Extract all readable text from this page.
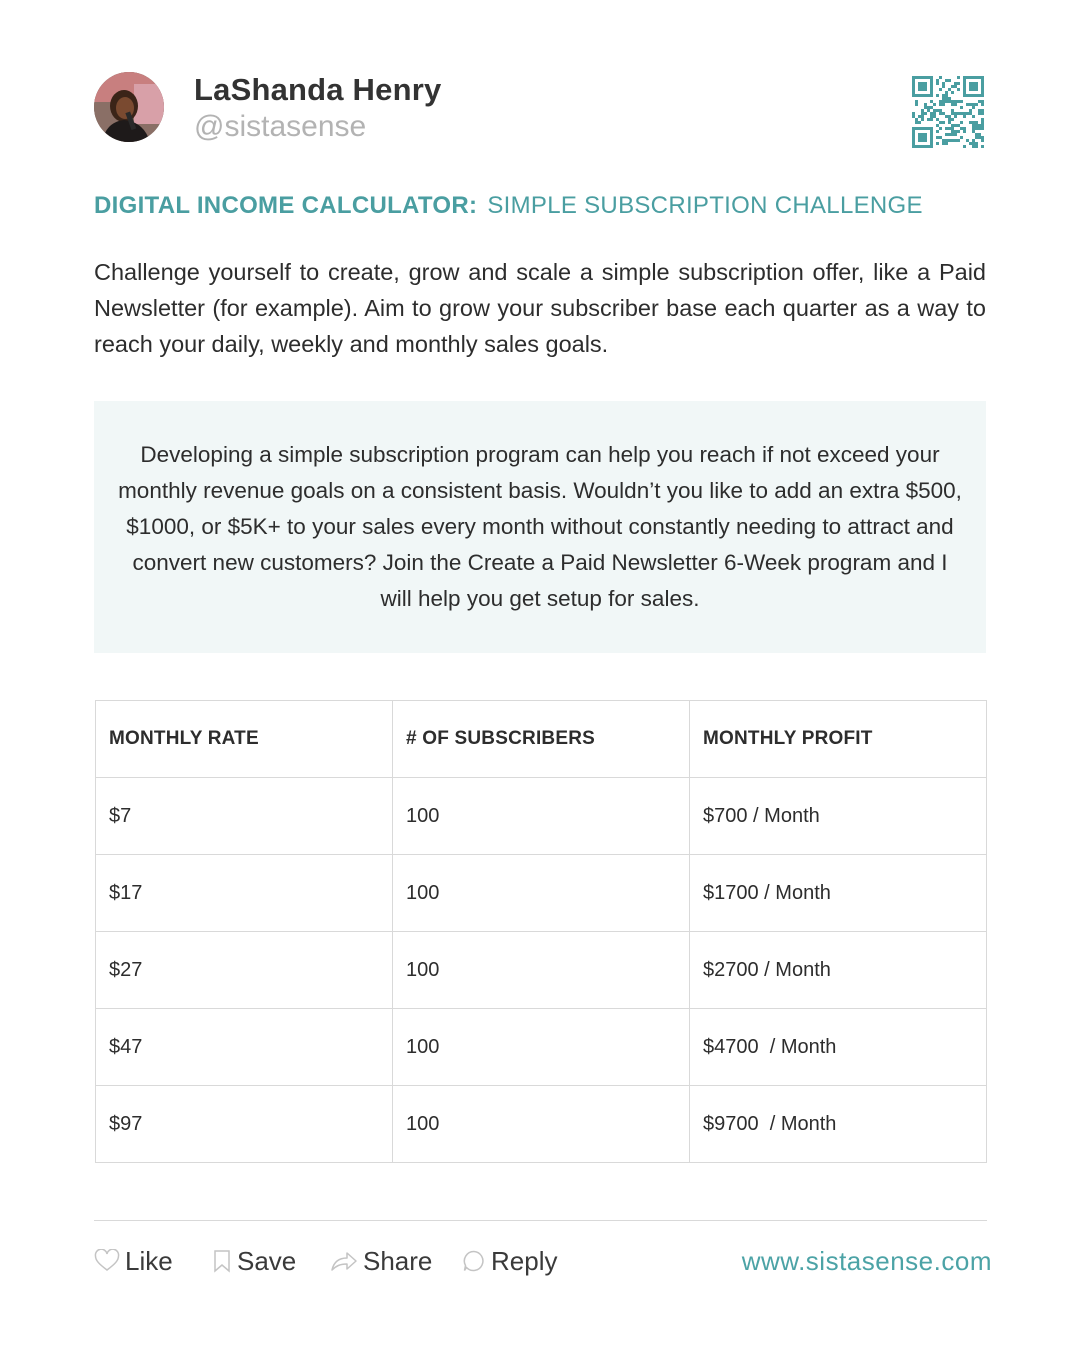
LaShanda Henry
@sistasense
DIGITAL INCOME CALCULATOR: SIMPLE SUBSCRIPTION CHALLENGE
Challenge yourself to create, grow and scale a simple subscription offer, like a Paid Newsletter (for example). Aim to grow your subscriber base each quarter as a way to reach your daily, weekly and monthly sales goals.
Developing a simple subscription program can help you reach if not exceed your monthly revenue goals on a consistent basis. Wouldn’t you like to add an extra $500, $1000, or $5K+ to your sales every month without constantly needing to attract and convert new customers? Join the Create a Paid Newsletter 6-Week program and I will help you get setup for sales.
MONTHLY RATE	# OF SUBSCRIBERS	MONTHLY PROFIT
$7	100	$700 / Month
$17	100	$1700 / Month
$27	100	$2700 / Month
$47	100	$4700  / Month
$97	100	$9700  / Month
Like Save	Share Reply	www.sistasense.com
